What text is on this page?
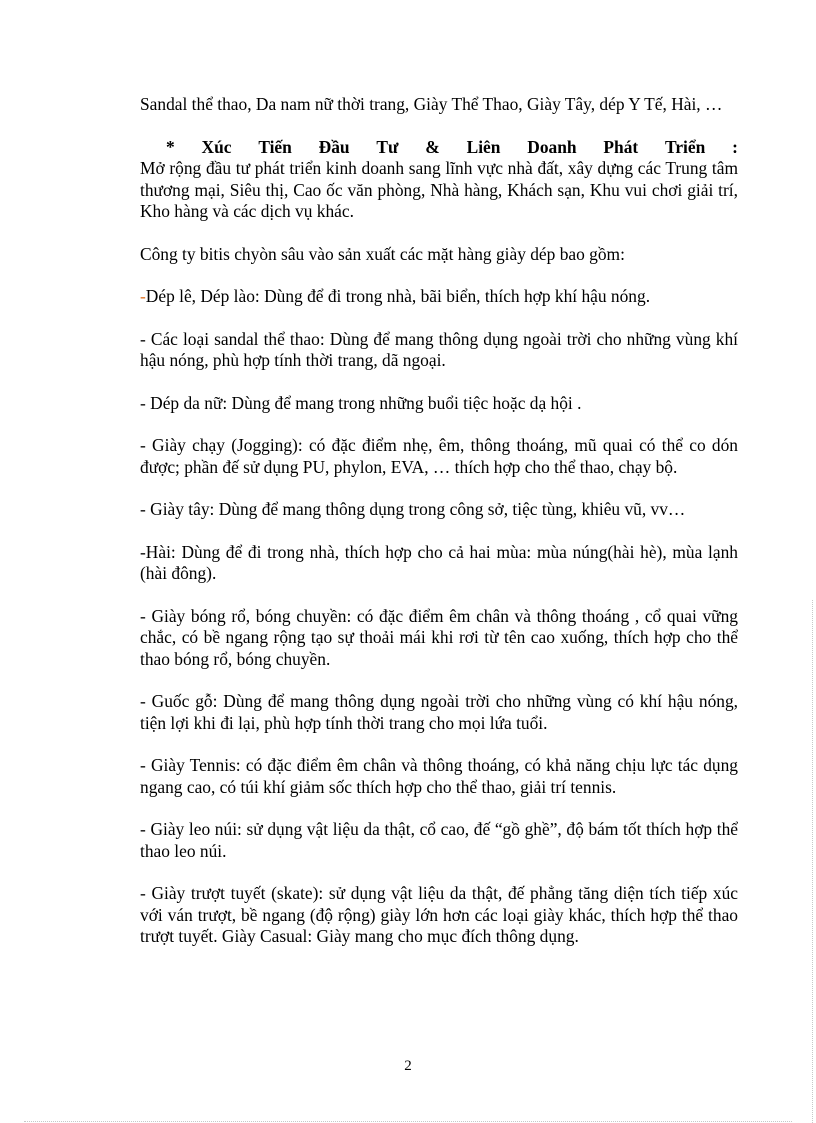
Sandal thể thao, Da nam nữ thời trang, Giày Thể Thao, Giày Tây, dép Y Tế, Hài, …

* Xúc Tiến Đầu Tư & Liên Doanh Phát Triển :

Mở rộng đầu tư phát triển kinh doanh sang lĩnh vực nhà đất, xây dựng các Trung tâm thương mại, Siêu thị, Cao ốc văn phòng, Nhà hàng, Khách sạn, Khu vui chơi giải trí, Kho hàng và các dịch vụ khác.

Công ty bitis chyòn sâu vào sản xuất các mặt hàng giày dép bao gồm:

-Dép lê, Dép lào: Dùng để đi trong nhà, bãi biển, thích hợp khí hậu nóng.

- Các loại sandal thể thao: Dùng để mang thông dụng ngoài trời cho những vùng khí hậu nóng, phù hợp tính thời trang, dã ngoại.

- Dép da nữ: Dùng để mang trong những buổi tiệc hoặc dạ hội .

- Giày chạy (Jogging): có đặc điểm nhẹ, êm, thông thoáng, mũ quai có thể co dón được; phần đế sử dụng PU, phylon, EVA, … thích hợp cho thể thao, chạy bộ.

- Giày tây: Dùng để mang thông dụng trong công sở, tiệc tùng, khiêu vũ, vv…

-Hài: Dùng để đi trong nhà, thích hợp cho cả hai mùa: mùa núng(hài hè), mùa lạnh (hài đông).

- Giày bóng rổ, bóng chuyền: có đặc điểm êm chân và thông thoáng , cổ quai vững chắc, có bề ngang rộng tạo sự thoải mái khi rơi từ tên cao xuống, thích hợp cho thể thao bóng rổ, bóng chuyền.

- Guốc gỗ: Dùng để mang thông dụng ngoài trời cho những vùng có khí hậu nóng, tiện lợi khi đi lại, phù hợp tính thời trang cho mọi lứa tuổi.

- Giày Tennis: có đặc điểm êm chân và thông thoáng, có khả năng chịu lực tác dụng ngang cao, có túi khí giảm sốc thích hợp cho thể thao, giải trí tennis.

- Giày leo núi: sử dụng vật liệu da thật, cổ cao, đế “gồ ghề”, độ bám tốt thích hợp thể thao leo núi.

- Giày trượt tuyết (skate): sử dụng vật liệu da thật, đế phẳng tăng diện tích tiếp xúc với ván trượt, bề ngang (độ rộng) giày lớn hơn các loại giày khác, thích hợp thể thao trượt tuyết. Giày Casual: Giày mang cho mục đích thông dụng.

2
